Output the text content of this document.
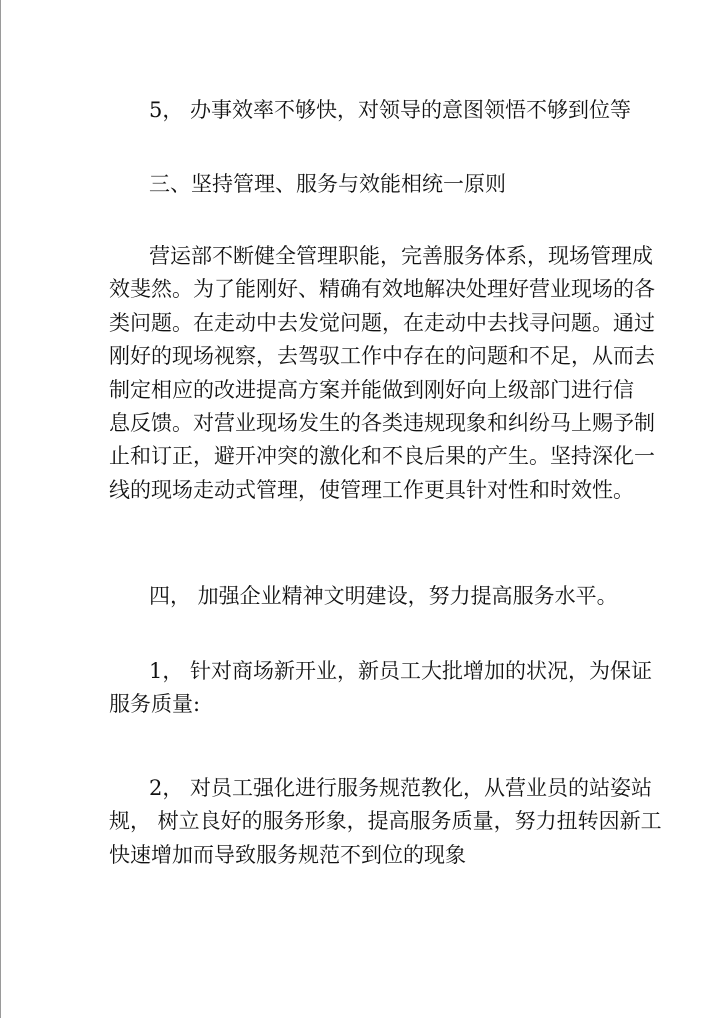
5， 办事效率不够快，对领导的意图领悟不够到位等

三、坚持管理、服务与效能相统一原则

营运部不断健全管理职能，完善服务体系，现场管理成
效斐然。为了能刚好、精确有效地解决处理好营业现场的各
类问题。在走动中去发觉问题，在走动中去找寻问题。通过
刚好的现场视察，去驾驭工作中存在的问题和不足，从而去
制定相应的改进提高方案并能做到刚好向上级部门进行信
息反馈。对营业现场发生的各类违规现象和纠纷马上赐予制
止和订正，避开冲突的激化和不良后果的产生。坚持深化一
线的现场走动式管理，使管理工作更具针对性和时效性。

四， 加强企业精神文明建设，努力提高服务水平。

1， 针对商场新开业，新员工大批增加的状况，为保证
服务质量:

2， 对员工强化进行服务规范教化，从营业员的站姿站
规， 树立良好的服务形象，提高服务质量，努力扭转因新工
快速增加而导致服务规范不到位的现象
